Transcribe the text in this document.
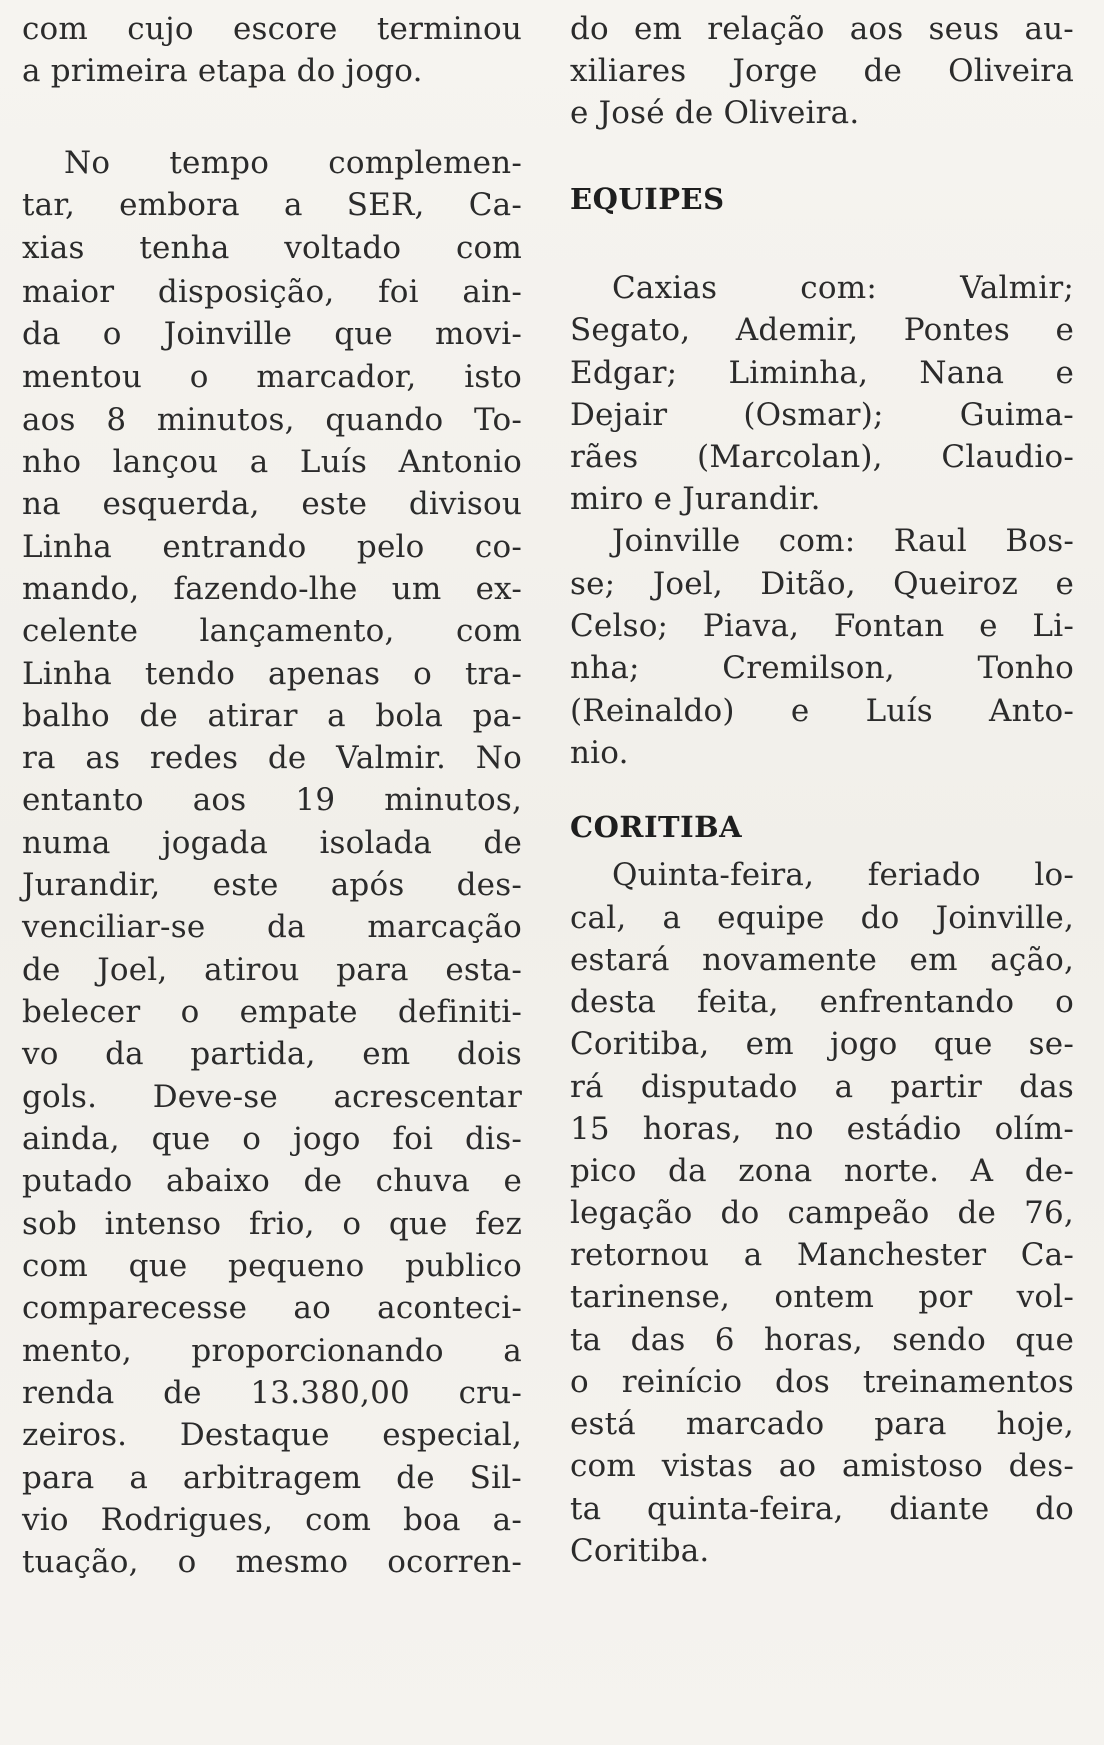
com cujo escore terminou
a primeira etapa do jogo.
No tempo complemen-
tar, embora a SER, Ca-
xias tenha voltado com
maior disposição, foi ain-
da o Joinville que movi-
mentou o marcador, isto
aos 8 minutos, quando To-
nho lançou a Luís Antonio
na esquerda, este divisou
Linha entrando pelo co-
mando, fazendo-lhe um ex-
celente lançamento, com
Linha tendo apenas o tra-
balho de atirar a bola pa-
ra as redes de Valmir. No
entanto aos 19 minutos,
numa jogada isolada de
Jurandir, este após des-
venciliar-se da marcação
de Joel, atirou para esta-
belecer o empate definiti-
vo da partida, em dois
gols. Deve-se acrescentar
ainda, que o jogo foi dis-
putado abaixo de chuva e
sob intenso frio, o que fez
com que pequeno publico
comparecesse ao aconteci-
mento, proporcionando a
renda de 13.380,00 cru-
zeiros. Destaque especial,
para a arbitragem de Sil-
vio Rodrigues, com boa a-
tuação, o mesmo ocorren-
do em relação aos seus au-
xiliares Jorge de Oliveira
e José de Oliveira.
EQUIPES
Caxias com: Valmir;
Segato, Ademir, Pontes e
Edgar; Liminha, Nana e
Dejair (Osmar); Guima-
rães (Marcolan), Claudio-
miro e Jurandir.
Joinville com: Raul Bos-
se; Joel, Ditão, Queiroz e
Celso; Piava, Fontan e Li-
nha; Cremilson, Tonho
(Reinaldo) e Luís Anto-
nio.
CORITIBA
Quinta-feira, feriado lo-
cal, a equipe do Joinville,
estará novamente em ação,
desta feita, enfrentando o
Coritiba, em jogo que se-
rá disputado a partir das
15 horas, no estádio olím-
pico da zona norte. A de-
legação do campeão de 76,
retornou a Manchester Ca-
tarinense, ontem por vol-
ta das 6 horas, sendo que
o reinício dos treinamentos
está marcado para hoje,
com vistas ao amistoso des-
ta quinta-feira, diante do
Coritiba.
